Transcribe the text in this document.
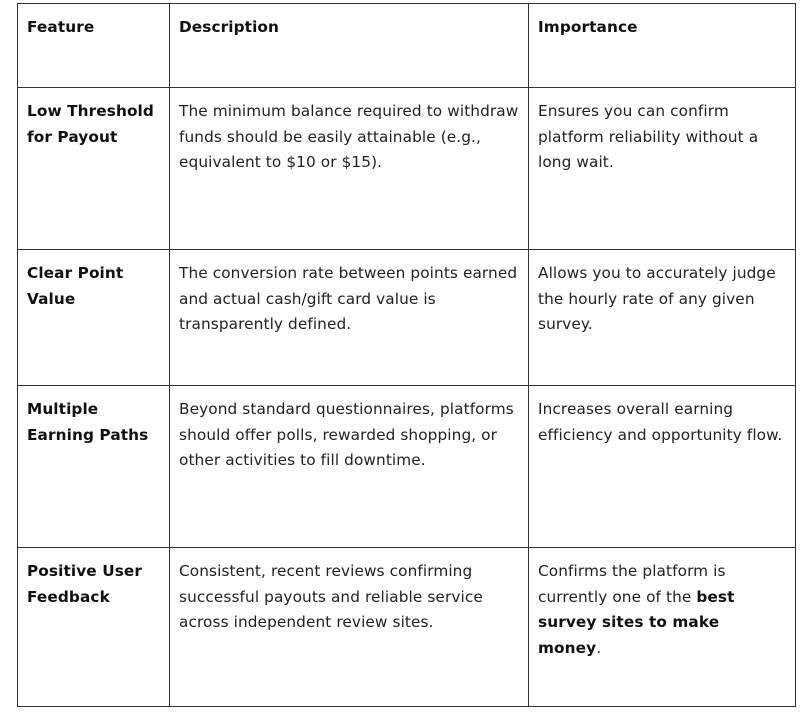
Feature	Description	Importance
Low Threshold for Payout	The minimum balance required to withdraw funds should be easily attainable (e.g., equivalent to $10 or $15).	Ensures you can confirm platform reliability without a long wait.
Clear Point Value	The conversion rate between points earned and actual cash/gift card value is transparently defined.	Allows you to accurately judge the hourly rate of any given survey.
Multiple Earning Paths	Beyond standard questionnaires, platforms should offer polls, rewarded shopping, or other activities to fill downtime.	Increases overall earning efficiency and opportunity flow.
Positive User Feedback	Consistent, recent reviews confirming successful payouts and reliable service across independent review sites.	Confirms the platform is currently one of the best survey sites to make money.
